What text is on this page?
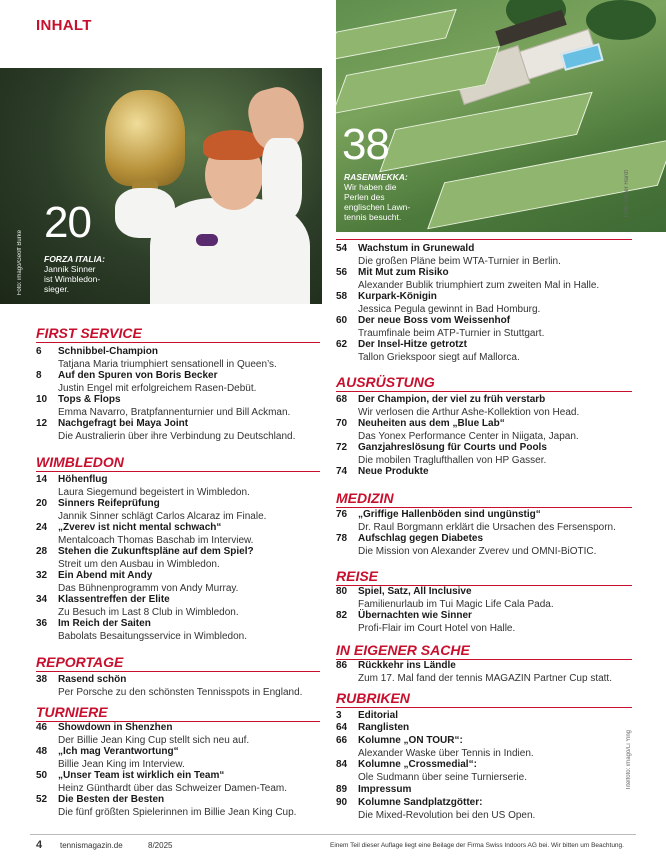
INHALT
20
FORZA ITALIA:
Jannik Sinner
ist Wimbledon-
sieger.
Foto: imago/Geoff Burke
38
RASENMEKKA:
Wir haben die
Perlen des
englischen Lawn-
tennis besucht.	Foto: Oliver Hardt
FIRST SERVICE
6 Schnibbel-Champion
Tatjana Maria triumphiert sensationell in Queen’s.
8 Auf den Spuren von Boris Becker
Justin Engel mit erfolgreichem Rasen-Debüt.
10 Tops & Flops
Emma Navarro, Bratpfannenturnier und Bill Ackman.
12 Nachgefragt bei Maya Joint
Die Australierin über ihre Verbindung zu Deutschland.
WIMBLEDON
14 Höhenflug
Laura Siegemund begeistert in Wimbledon.
20 Sinners Reifeprüfung
Jannik Sinner schlägt Carlos Alcaraz im Finale.
24 „Zverev ist nicht mental schwach“
Mentalcoach Thomas Baschab im Interview.
28 Stehen die Zukunftspläne auf dem Spiel?
Streit um den Ausbau in Wimbledon.
32 Ein Abend mit Andy
Das Bühnenprogramm von Andy Murray.
34 Klassentreffen der Elite
Zu Besuch im Last 8 Club in Wimbledon.
36 Im Reich der Saiten
Babolats Besaitungsservice in Wimbledon.
REPORTAGE
38 Rasend schön
Per Porsche zu den schönsten Tennisspots in England.
TURNIERE
46 Showdown in Shenzhen
Der Billie Jean King Cup stellt sich neu auf.
48 „Ich mag Verantwortung“
Billie Jean King im Interview.
50 „Unser Team ist wirklich ein Team“
Heinz Günthardt über das Schweizer Damen-Team.
52 Die Besten der Besten
Die fünf größten Spielerinnen im Billie Jean King Cup.
54 Wachstum in Grunewald
Die großen Pläne beim WTA-Turnier in Berlin.
56 Mit Mut zum Risiko
Alexander Bublik triumphiert zum zweiten Mal in Halle.
58 Kurpark-Königin
Jessica Pegula gewinnt in Bad Homburg.
60 Der neue Boss vom Weissenhof
Traumfinale beim ATP-Turnier in Stuttgart.
62 Der Insel-Hitze getrotzt
Tallon Griekspoor siegt auf Mallorca.
AUSRÜSTUNG
68 Der Champion, der viel zu früh verstarb
Wir verlosen die Arthur Ashe-Kollektion von Head.
70 Neuheiten aus dem „Blue Lab“
Das Yonex Performance Center in Niigata, Japan.
72 Ganzjahreslösung für Courts und Pools
Die mobilen Traglufthallen von HP Gasser.
74 Neue Produkte
MEDIZIN
76 „Griffige Hallenböden sind ungünstig“
Dr. Raul Borgmann erklärt die Ursachen des Fersensporn.
78 Aufschlag gegen Diabetes
Die Mission von Alexander Zverev und OMNI-BiOTIC.
REISE
80 Spiel, Satz, All Inclusive
Familienurlaub im Tui Magic Life Cala Pada.
82 Übernachten wie Sinner
Profi-Flair im Court Hotel von Halle.
IN EIGENER SACHE
86 Rückkehr ins Ländle
Zum 17. Mal fand der tennis MAGAZIN Partner Cup statt.
RUBRIKEN
3 Editorial
64 Ranglisten
66 Kolumne „ON TOUR“:
Alexander Waske über Tennis in Indien.
84 Kolumne „Crossmedial“:
Ole Sudmann über seine Turnierserie.
89 Impressum
90 Kolumne Sandplatzgötter:
Die Mixed-Revolution bei den US Open.
Titelfoto: imago/Li Ying
4 tennismagazin.de	8/2025	Einem Teil dieser Auflage liegt eine Beilage der Firma Swiss Indoors AG bei. Wir bitten um Beachtung.
